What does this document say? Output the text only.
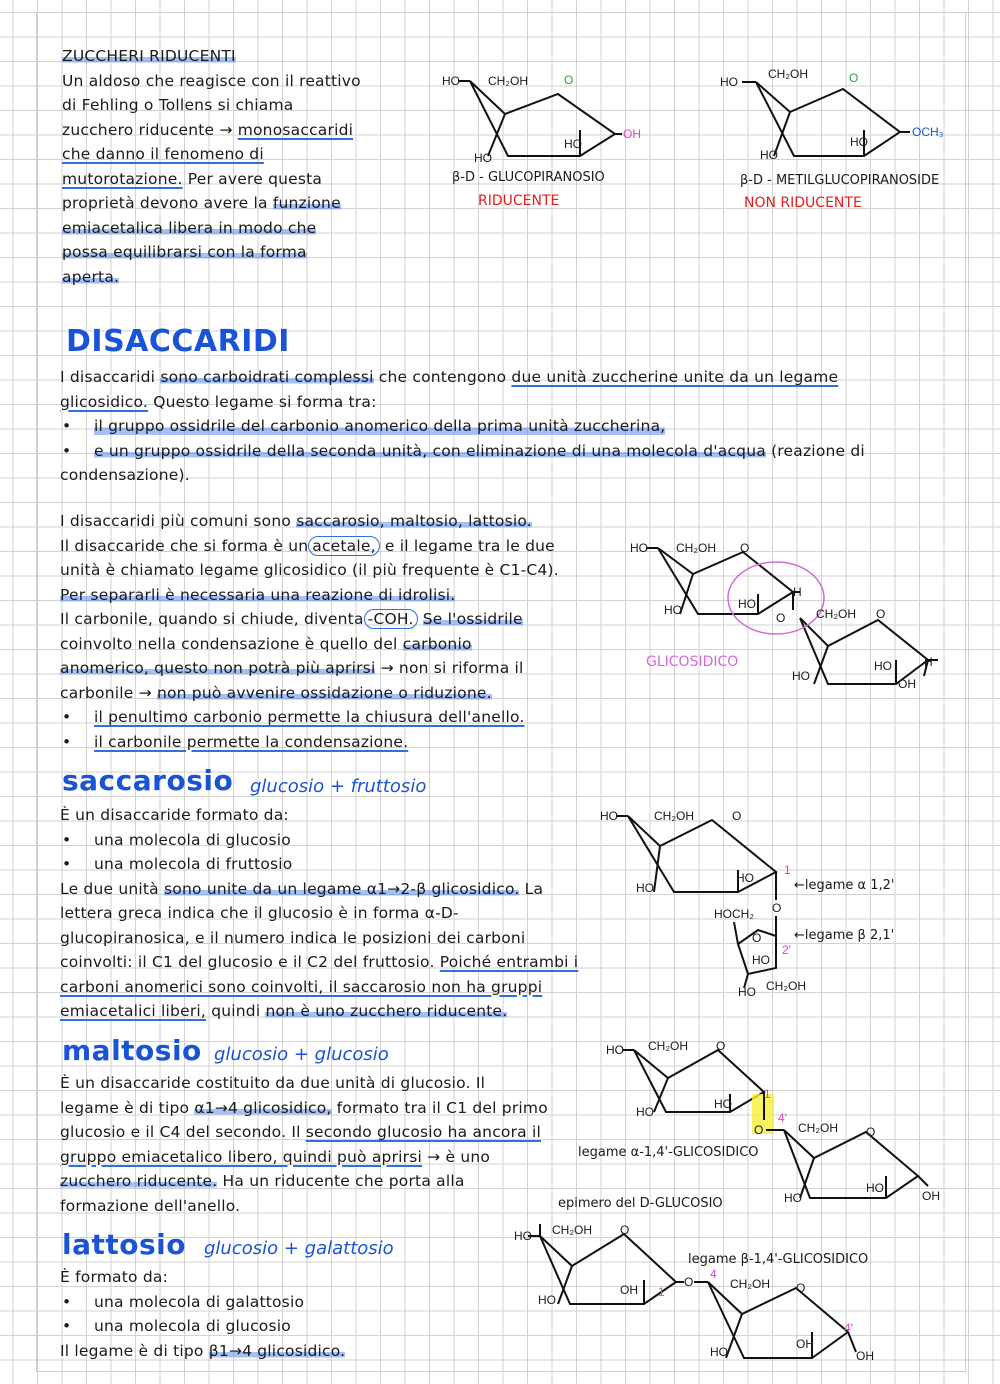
ZUCCHERI RIDUCENTI

Un aldoso che reagisce con il reattivo

di Fehling o Tollens si chiama

zucchero riducente → monosaccaridi

che danno il fenomeno di

mutorotazione. Per avere questa

proprietà devono avere la funzione

emiacetalica libera in modo che

possa equilibrarsi con la forma

aperta.

HO CH₂OH	O
OH
HO
HO
β-D - GLUCOPIRANOSIO
RIDUCENTE
HO
CH₂OH	O
OCH₃
HO
HO
β-D - METILGLUCOPIRANOSIDE
NON RIDUCENTE
DISACCARIDI

I disaccaridi sono carboidrati complessi che contengono due unità zuccherine unite da un legame

glicosidico. Questo legame si forma tra:

•	il gruppo ossidrile del carbonio anomerico della prima unità zuccherina,
•	e un gruppo ossidrile della seconda unità, con eliminazione di una molecola d'acqua (reazione di

condensazione).

I disaccaridi più comuni sono saccarosio, maltosio, lattosio.

Il disaccaride che si forma è un acetale, e il legame tra le due

unità è chiamato legame glicosidico (il più frequente è C1-C4).

Per separarli è necessaria una reazione di idrolisi.

Il carbonile, quando si chiude, diventa -COH. Se l'ossidrile

coinvolto nella condensazione è quello del carbonio

anomerico, questo non potrà più aprirsi → non si riforma il

carbonile → non può avvenire ossidazione o riduzione.

•	il penultimo carbonio permette la chiusura dell'anello.
•	il carbonile permette la condensazione.
HO CH₂OH O
HO	HO
H
O	CH₂OH O
HO
HO	H
OH
GLICOSIDICO
saccarosio glucosio + fruttosio

È un disaccaride formato da:

•	una molecola di glucosio
•	una molecola di fruttosio

Le due unità sono unite da un legame α1→2-β glicosidico. La

lettera greca indica che il glucosio è in forma α-D-

glucopiranosica, e il numero indica le posizioni dei carboni

coinvolti: il C1 del glucosio e il C2 del fruttosio. Poiché entrambi i

carboni anomerici sono coinvolti, il saccarosio non ha gruppi

emiacetalici liberi, quindi non è uno zucchero riducente.

HO	CH₂OH	O
HO
HO
1
O
HOCH₂
O
2'
HO
HO CH₂OH
←legame α 1,2'
←legame β 2,1'
maltosio glucosio + glucosio

È un disaccaride costituito da due unità di glucosio. Il

legame è di tipo α1→4 glicosidico, formato tra il C1 del primo

glucosio e il C4 del secondo. Il secondo glucosio ha ancora il

gruppo emiacetalico libero, quindi può aprirsi → è uno

zucchero riducente. Ha un riducente che porta alla

formazione dell'anello.

HO CH₂OH O
HO
HO
1
4'
O	CH₂OH O
HO
HO
OH
legame α-1,4'-GLICOSIDICO
lattosio glucosio + galattosio

È formato da:

•	una molecola di galattosio
•	una molecola di glucosio

Il legame è di tipo β1→4 glicosidico.

epimero del D-GLUCOSIO
HO CH₂OH O
HO
OH 1
O
4
CH₂OH O
HO
OH
4'
OH
legame β-1,4'-GLICOSIDICO
